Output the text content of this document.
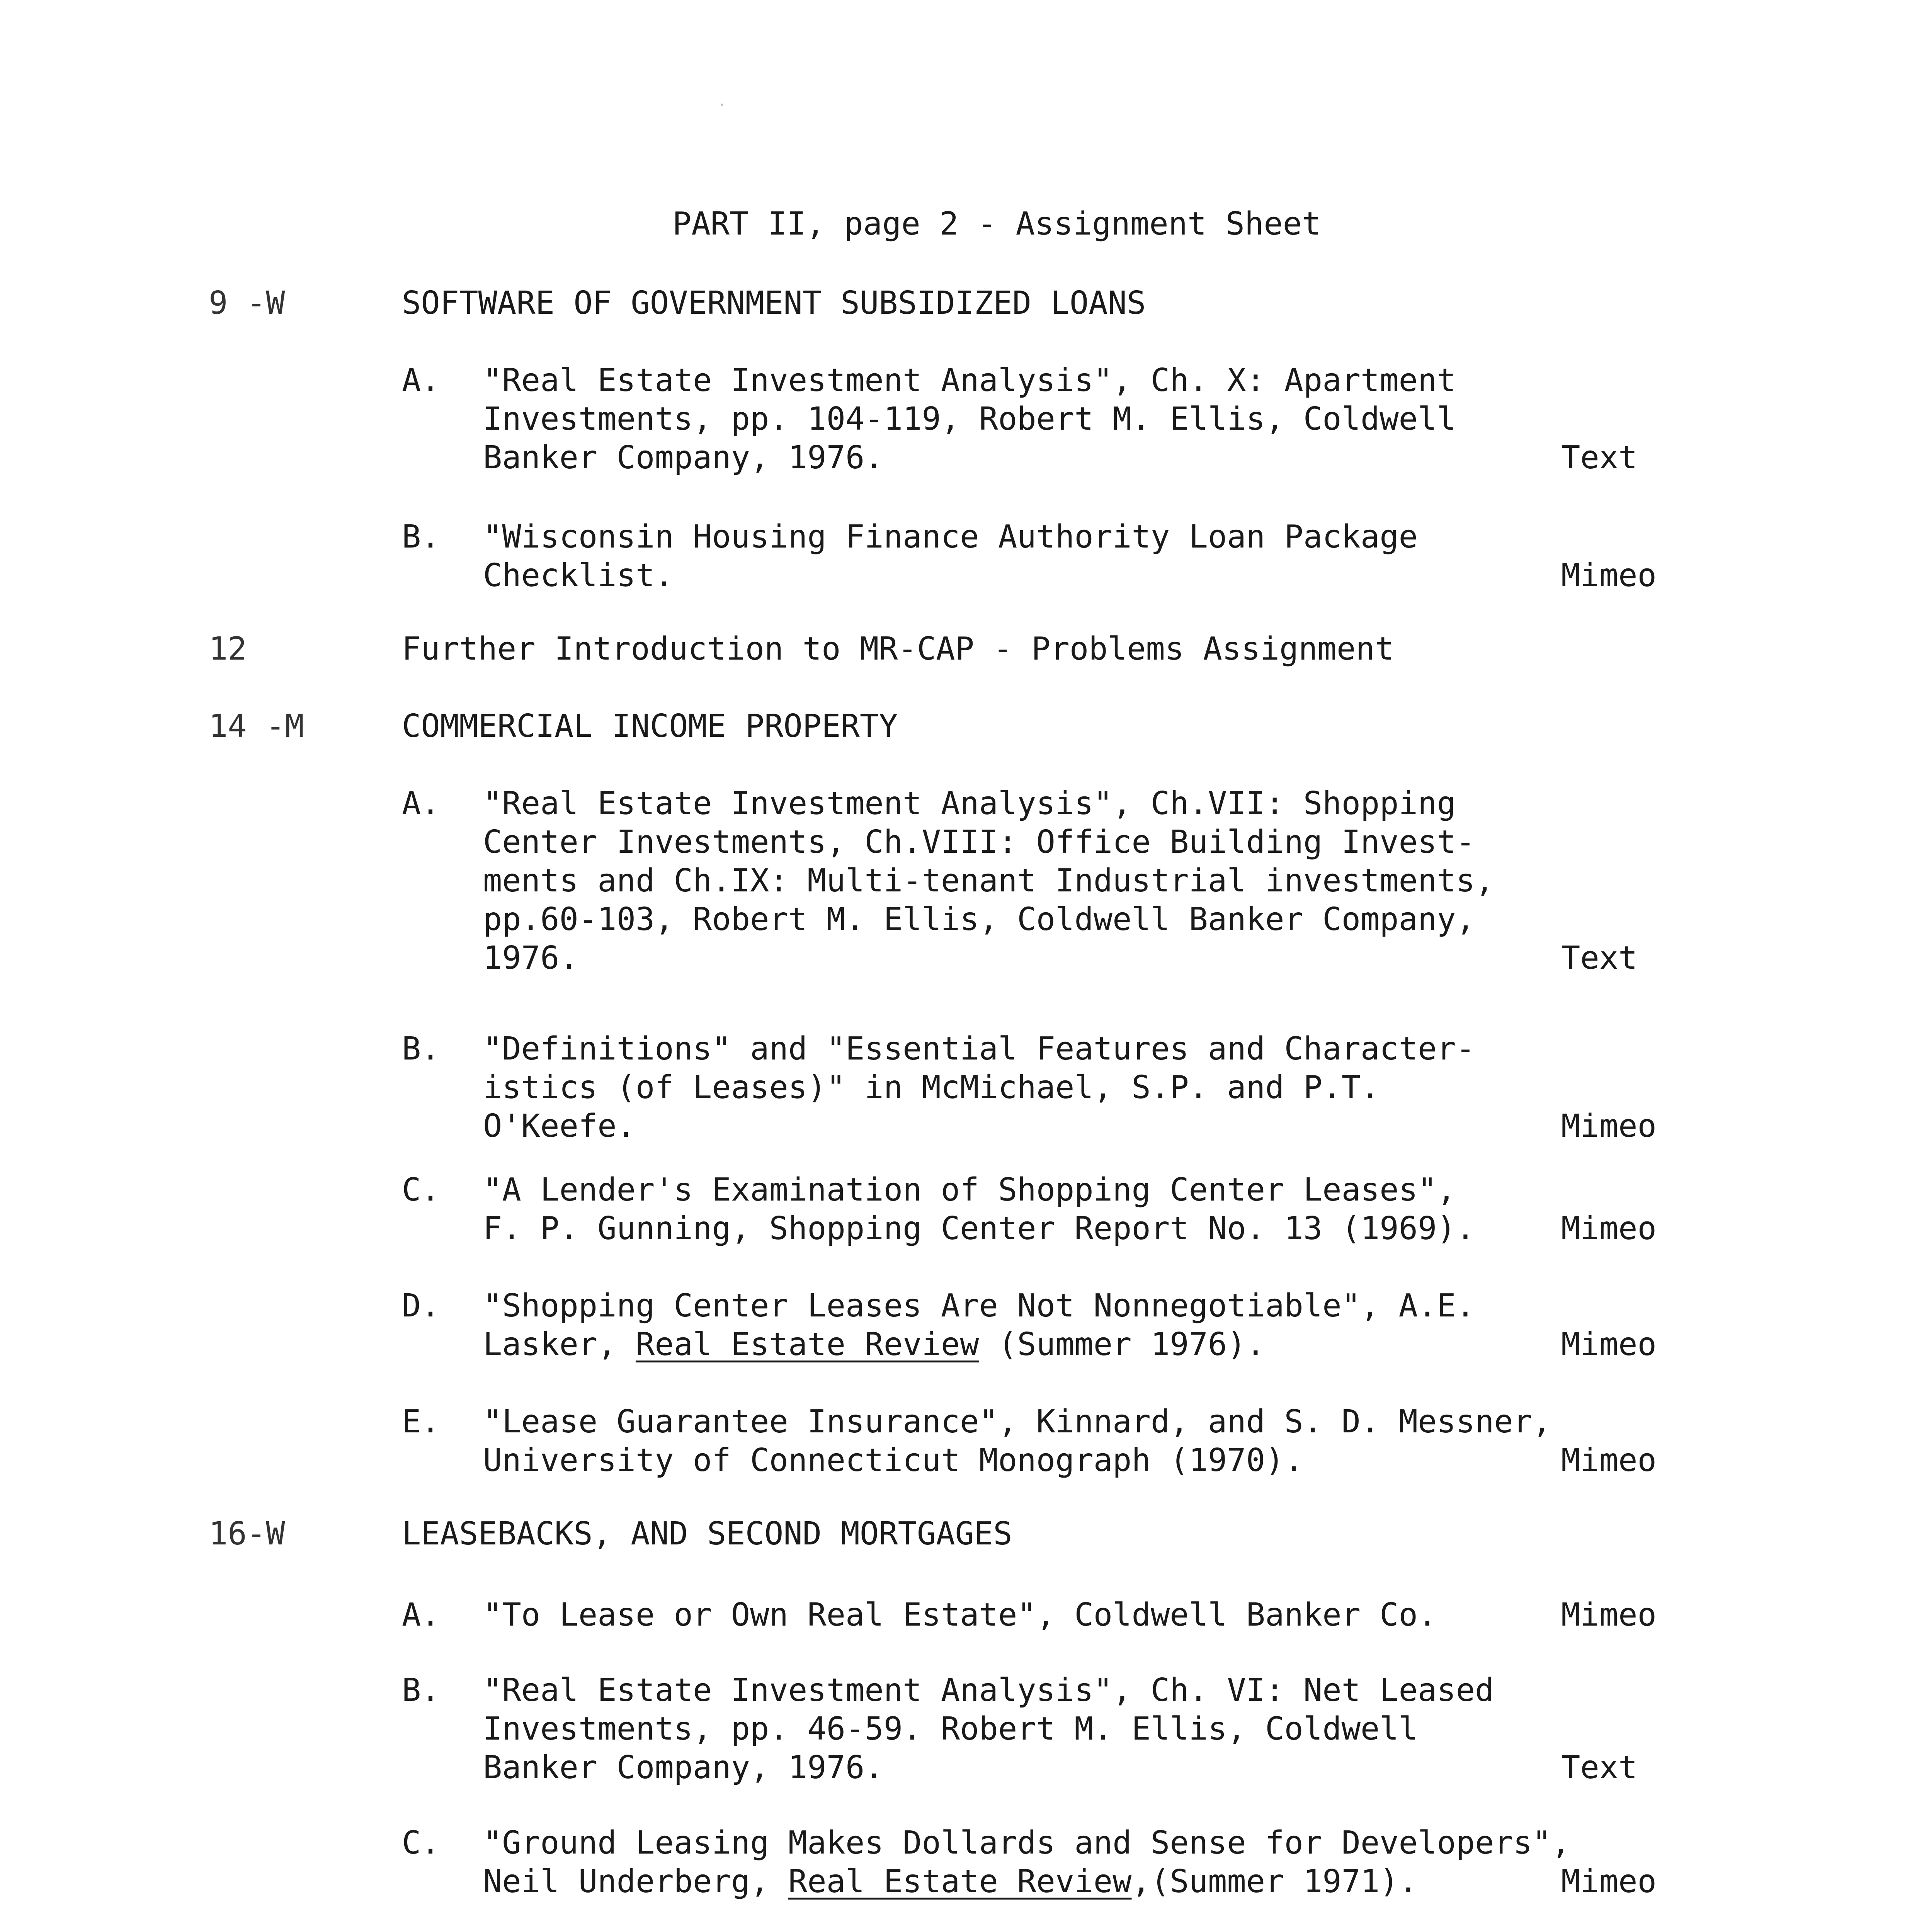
PART II, page 2 - Assignment Sheet
9 -W	SOFTWARE OF GOVERNMENT SUBSIDIZED LOANS
A. "Real Estate Investment Analysis", Ch. X: Apartment
Investments, pp. 104-119, Robert M. Ellis, Coldwell
Banker Company, 1976.	Text
B. "Wisconsin Housing Finance Authority Loan Package
Checklist.	Mimeo
12	Further Introduction to MR-CAP - Problems Assignment
14 -M	COMMERCIAL INCOME PROPERTY
A. "Real Estate Investment Analysis", Ch.VII: Shopping
Center Investments, Ch.VIII: Office Building Invest-
ments and Ch.IX: Multi-tenant Industrial investments,
pp.60-103, Robert M. Ellis, Coldwell Banker Company,
1976.	Text
B. "Definitions" and "Essential Features and Character-
istics (of Leases)" in McMichael, S.P. and P.T.
O'Keefe.	Mimeo
C. "A Lender's Examination of Shopping Center Leases",
F. P. Gunning, Shopping Center Report No. 13 (1969).	Mimeo
D. "Shopping Center Leases Are Not Nonnegotiable", A.E.
Lasker, Real Estate Review (Summer 1976).	Mimeo
E. "Lease Guarantee Insurance", Kinnard, and S. D. Messner,
University of Connecticut Monograph (1970).	Mimeo
16-W	LEASEBACKS, AND SECOND MORTGAGES
A. "To Lease or Own Real Estate", Coldwell Banker Co.	Mimeo
B. "Real Estate Investment Analysis", Ch. VI: Net Leased
Investments, pp. 46-59. Robert M. Ellis, Coldwell
Banker Company, 1976.	Text
C. "Ground Leasing Makes Dollards and Sense for Developers",
Neil Underberg, Real Estate Review,(Summer 1971).	Mimeo
